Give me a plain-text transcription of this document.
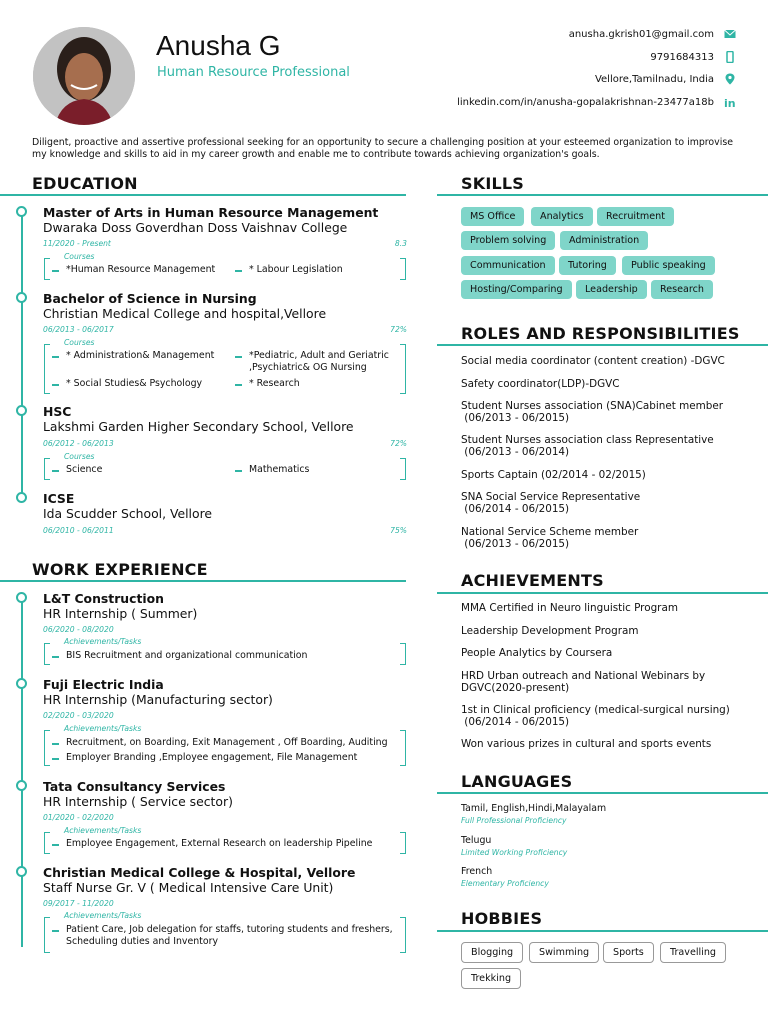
Anusha G
Human Resource Professional
anusha.gkrish01@gmail.com
9791684313
Vellore,Tamilnadu, India
linkedin.com/in/anusha-gopalakrishnan-23477a18b in
Diligent, proactive and assertive professional seeking for an opportunity to secure a challenging position at your esteemed organization to improvise my knowledge and skills to aid in my career growth and enable me to contribute towards achieving organization's goals.
EDUCATION
Master of Arts in Human Resource Management
Dwaraka Doss Goverdhan Doss Vaishnav College
11/2020 - Present	8.3
Courses
*Human Resource Management	* Labour Legislation
Bachelor of Science in Nursing
Christian Medical College and hospital,Vellore
06/2013 - 06/2017	72%
Courses
* Administration& Management	*Pediatric, Adult and Geriatric ,Psychiatric& OG Nursing
* Social Studies& Psychology	* Research
HSC
Lakshmi Garden Higher Secondary School, Vellore
06/2012 - 06/2013	72%
Courses
Science	Mathematics
ICSE
Ida Scudder School, Vellore
06/2010 - 06/2011	75%
WORK EXPERIENCE
L&T Construction
HR Internship ( Summer)
06/2020 - 08/2020
Achievements/Tasks
BIS Recruitment and organizational communication
Fuji Electric India
HR Internship (Manufacturing sector)
02/2020 - 03/2020
Achievements/Tasks
Recruitment, on Boarding, Exit Management , Off Boarding, Auditing
Employer Branding ,Employee engagement, File Management
Tata Consultancy Services
HR Internship ( Service sector)
01/2020 - 02/2020
Achievements/Tasks
Employee Engagement, External Research on leadership Pipeline
Christian Medical College & Hospital, Vellore
Staff Nurse Gr. V ( Medical Intensive Care Unit)
09/2017 - 11/2020
Achievements/Tasks
Patient Care, Job delegation for staffs, tutoring students and freshers, Scheduling duties and Inventory
SKILLS
MS Office	Analytics	Recruitment
Problem solving	Administration
Communication	Tutoring	Public speaking
Hosting/Comparing	Leadership	Research
ROLES AND RESPONSIBILITIES
Social media coordinator (content creation) -DGVC
Safety coordinator(LDP)-DGVC
Student Nurses association (SNA)Cabinet member
(06/2013 - 06/2015)
Student Nurses association class Representative
(06/2013 - 06/2014)
Sports Captain (02/2014 - 02/2015)
SNA Social Service Representative
(06/2014 - 06/2015)
National Service Scheme member
(06/2013 - 06/2015)
ACHIEVEMENTS
MMA Certified in Neuro linguistic Program
Leadership Development Program
People Analytics by Coursera
HRD Urban outreach and National Webinars by
DGVC(2020-present)
1st in Clinical proficiency (medical-surgical nursing)
(06/2014 - 06/2015)
Won various prizes in cultural and sports events
LANGUAGES
Tamil, English,Hindi,Malayalam
Full Professional Proficiency
Telugu
Limited Working Proficiency
French
Elementary Proficiency
HOBBIES
Blogging	Swimming	Sports	Travelling
Trekking
